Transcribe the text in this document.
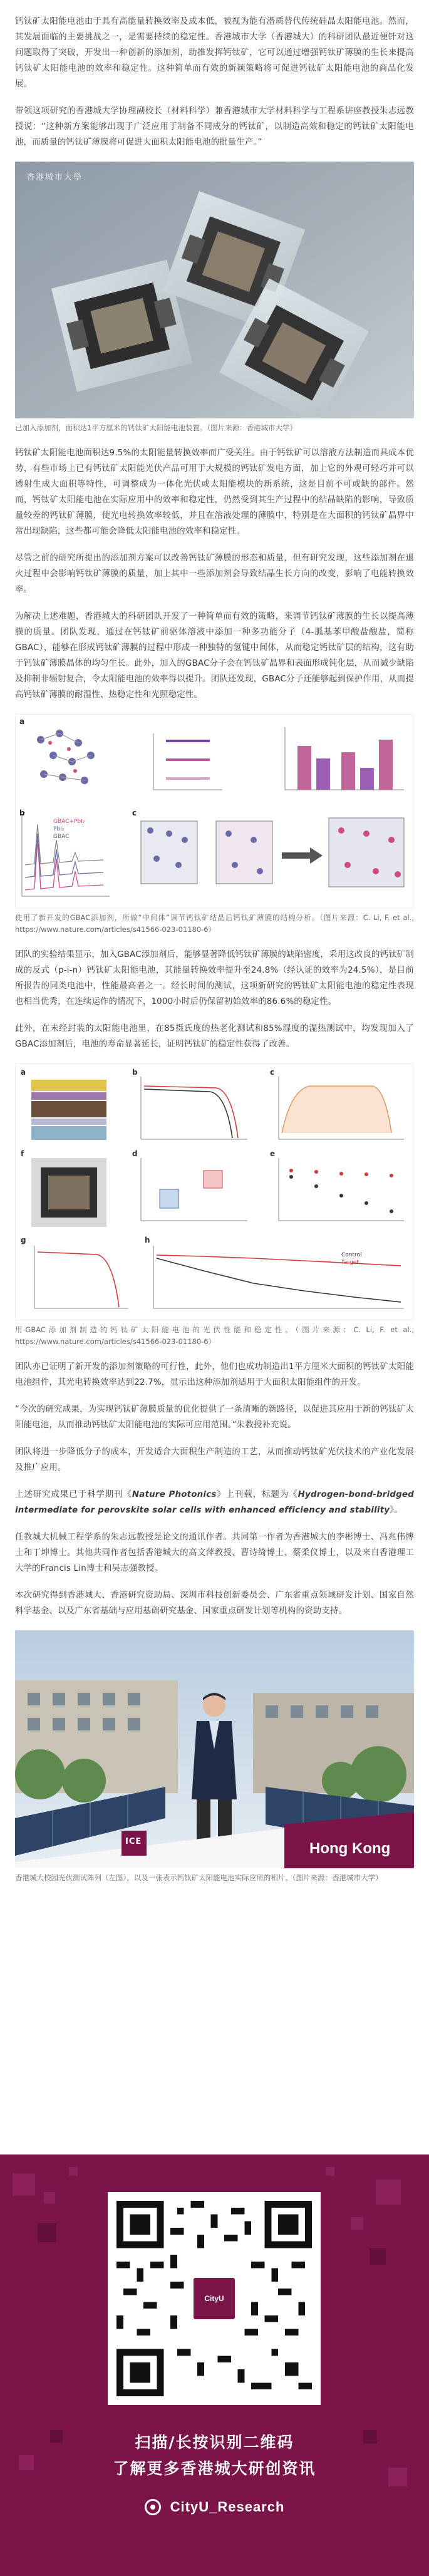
钙钛矿太阳能电池由于具有高能量转换效率及成本低，被视为能有潜质替代传统硅晶太阳能电池。然而，其发展面临的主要挑战之一，是需要持续的稳定性。香港城市大学（香港城大）的科研团队最近便针对这问题取得了突破，开发出一种创新的添加剂，助推发挥钙钛矿，它可以通过增强钙钛矿薄膜的生长来提高钙钛矿太阳能电池的效率和稳定性。这种简单而有效的新颖策略将可促进钙钛矿太阳能电池的商品化发展。

带领这项研究的香港城大学协理副校长（材料科学）兼香港城市大学材料科学与工程系讲座教授朱志远教授说：“这种新方案能够出现于广泛应用于制备不同成分的钙钛矿，以制造高效和稳定的钙钛矿太阳能电池，而质量的钙钛矿薄膜将可促进大面积太阳能电池的批量生产。”

香港城市大學

已加入添加剂，面积达1平方厘米的钙钛矿太阳能电池装置。（图片来源：香港城市大学）

钙钛矿太阳能电池面积达9.5%的太阳能量转换效率而广受关注。由于钙钛矿可以溶液方法制造而具成本优势，有些市场上已有钙钛矿太阳能光伏产品可用于大规模的钙钛矿发电方面，加上它的外观可轻巧并可以透射生成大面积等特性，可调整成为一体化光伏或太阳能模块的新系统，这是目前不可或缺的部件。然而，钙钛矿太阳能电池在实际应用中的效率和稳定性，仍然受到其生产过程中的结晶缺陷的影响，导致质量较差的钙钛矿薄膜，使光电转换效率较低，并且在溶液处理的薄膜中，特别是在大面积的钙钛矿晶界中常出现缺陷，这些都可能会降低太阳能电池的效率和稳定性。

尽管之前的研究所提出的添加剂方案可以改善钙钛矿薄膜的形态和质量，但有研究发现，这些添加剂在退火过程中会影响钙钛矿薄膜的质量，加上其中一些添加剂会导致结晶生长方向的改变，影响了电能转换效率。

为解决上述难题，香港城大的科研团队开发了一种简单而有效的策略，来调节钙钛矿薄膜的生长以提高薄膜的质量。团队发现，通过在钙钛矿前驱体溶液中添加一种多功能分子（4-胍基苯甲酸盐酸盐，简称GBAC），能够在形成钙钛矿薄膜的过程中形成一种独特的氢键中间体，从而稳定钙钛矿层的结构，这有助于钙钛矿薄膜晶体的均匀生长。此外，加入的GBAC分子会在钙钛矿晶界和表面形成钝化层，从而减少缺陷及抑制非辐射复合，令太阳能电池的效率得以提升。团队还发现，GBAC分子还能够起到保护作用，从而提高钙钛矿薄膜的耐湿性、热稳定性和光照稳定性。

a
b	c
GBAC+PbI₂
PbI₂
GBAC

使用了新开发的GBAC添加剂，所做“中间体”调节钙钛矿结晶后钙钛矿薄膜的结构分析。（图片来源：C. Li, F. et al., https://www.nature.com/articles/s41566-023-01180-6）

团队的实验结果显示，加入GBAC添加剂后，能够显著降低钙钛矿薄膜的缺陷密度，采用这改良的钙钛矿制成的反式（p-i-n）钙钛矿太阳能电池，其能量转换效率提升至24.8%（经认证的效率为24.5%），是目前所报告的同类电池中，性能最高者之一。经长时间的测试，这项新研究的钙钛矿太阳能电池的稳定性表现也相当优秀，在连续运作的情况下，1000小时后仍保留初始效率的86.6%的稳定性。

此外，在未经封装的太阳能电池里，在85摄氏度的热老化测试和85%湿度的湿热测试中，均发现加入了GBAC添加剂后，电池的寿命显著延长，证明钙钛矿的稳定性获得了改善。

a	b	c
d	e
f
g	h
Control
Target

用GBAC添加剂制造的钙钛矿太阳能电池的光伏性能和稳定性。（图片来源：C. Li, F. et al., https://www.nature.com/articles/s41566-023-01180-6）

团队亦已证明了新开发的添加剂策略的可行性，此外，他们也成功制造出1平方厘米大面积的钙钛矿太阳能电池组件，其光电转换效率达到22.7%，显示出这种添加剂适用于大面积太阳能组件的开发。

“今次的研究成果，为实现钙钛矿薄膜质量的优化提供了一条清晰的新路径，以促进其应用于新的钙钛矿太阳能电池，从而推动钙钛矿太阳能电池的实际可应用范围。”朱教授补充说。

团队将进一步降低分子的成本，开发适合大面积生产制造的工艺，从而推动钙钛矿光伏技术的产业化发展及推广应用。

上述研究成果已于科学期刊《Nature Photonics》上刊载，标题为《Hydrogen-bond-bridged intermediate for perovskite solar cells with enhanced efficiency and stability》。

任教城大机械工程学系的朱志远教授是论文的通讯作者。共同第一作者为香港城大的李彬博士、冯兆伟博士和丁坤博士。其他共同作者包括香港城大的高文萍教授、曹诗绮博士、蔡柔仪博士，以及来自香港理工大学的Francis Lin博士和吴志强教授。

本次研究得到香港城大、香港研究资助局、深圳市科技创新委员会、广东省重点领域研发计划、国家自然科学基金、以及广东省基础与应用基础研究基金、国家重点研发计划等机构的资助支持。

ICE	Hong Kong

香港城大校园光伏测试阵列（左图），以及一张表示钙钛矿太阳能电池实际应用的相片。（图片来源：香港城市大学）

CityU
扫描/长按识别二维码
了解更多香港城大研创资讯
CityU_Research
